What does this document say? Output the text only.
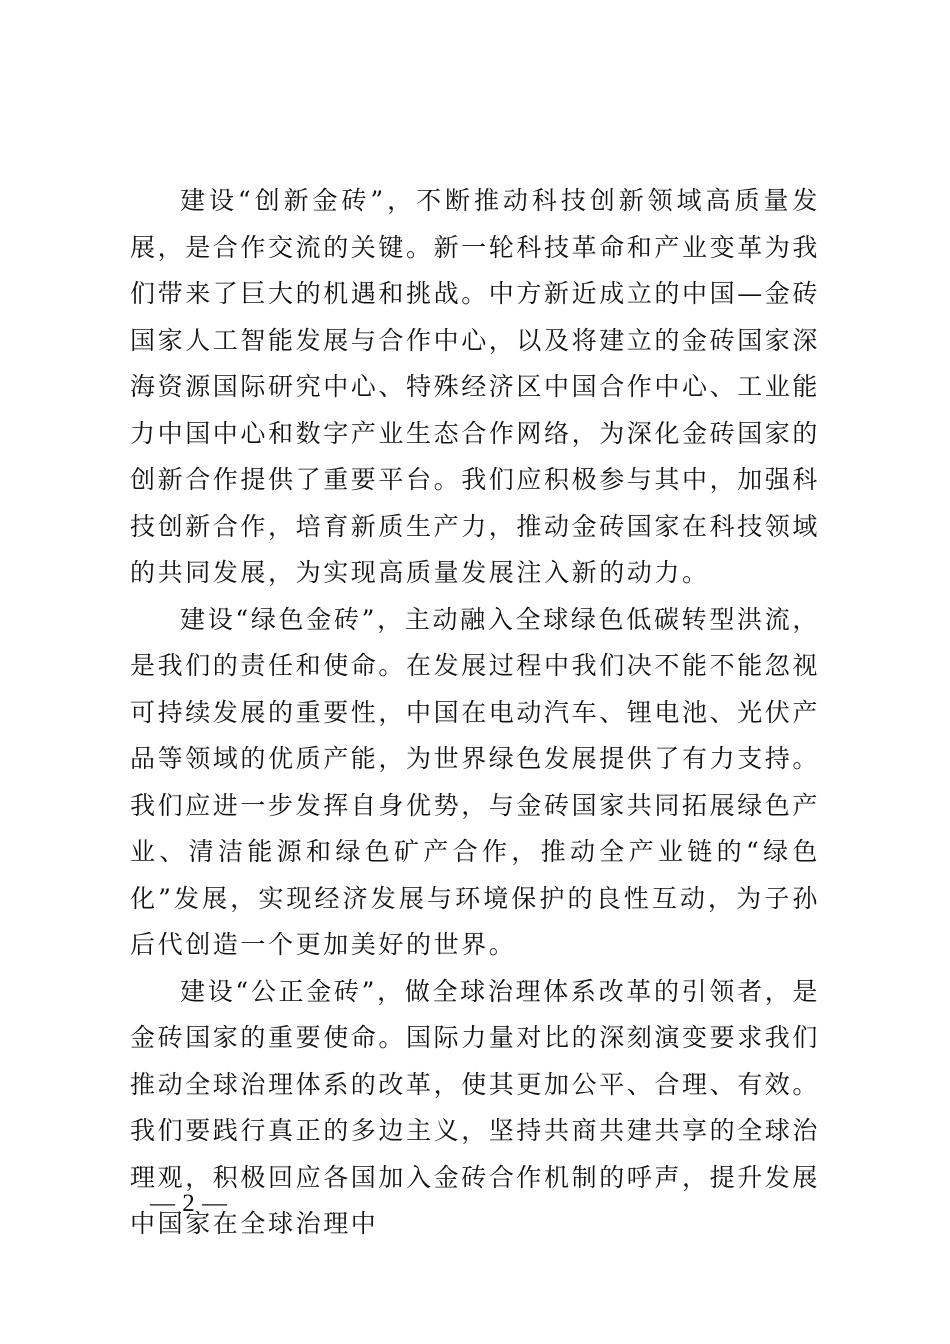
建设“创新金砖”，不断推动科技创新领域高质量发展，是合作交流的关键。新一轮科技革命和产业变革为我们带来了巨大的机遇和挑战。中方新近成立的中国—金砖国家人工智能发展与合作中心，以及将建立的金砖国家深海资源国际研究中心、特殊经济区中国合作中心、工业能力中国中心和数字产业生态合作网络，为深化金砖国家的创新合作提供了重要平台。我们应积极参与其中，加强科技创新合作，培育新质生产力，推动金砖国家在科技领域的共同发展，为实现高质量发展注入新的动力。

建设“绿色金砖”，主动融入全球绿色低碳转型洪流，是我们的责任和使命。在发展过程中我们决不能不能忽视可持续发展的重要性，中国在电动汽车、锂电池、光伏产品等领域的优质产能，为世界绿色发展提供了有力支持。我们应进一步发挥自身优势，与金砖国家共同拓展绿色产业、清洁能源和绿色矿产合作，推动全产业链的“绿色化”发展，实现经济发展与环境保护的良性互动，为子孙后代创造一个更加美好的世界。

建设“公正金砖”，做全球治理体系改革的引领者，是金砖国家的重要使命。国际力量对比的深刻演变要求我们推动全球治理体系的改革，使其更加公平、合理、有效。我们要践行真正的多边主义，坚持共商共建共享的全球治理观，积极回应各国加入金砖合作机制的呼声，提升发展中国家在全球治理中

— 2 —
